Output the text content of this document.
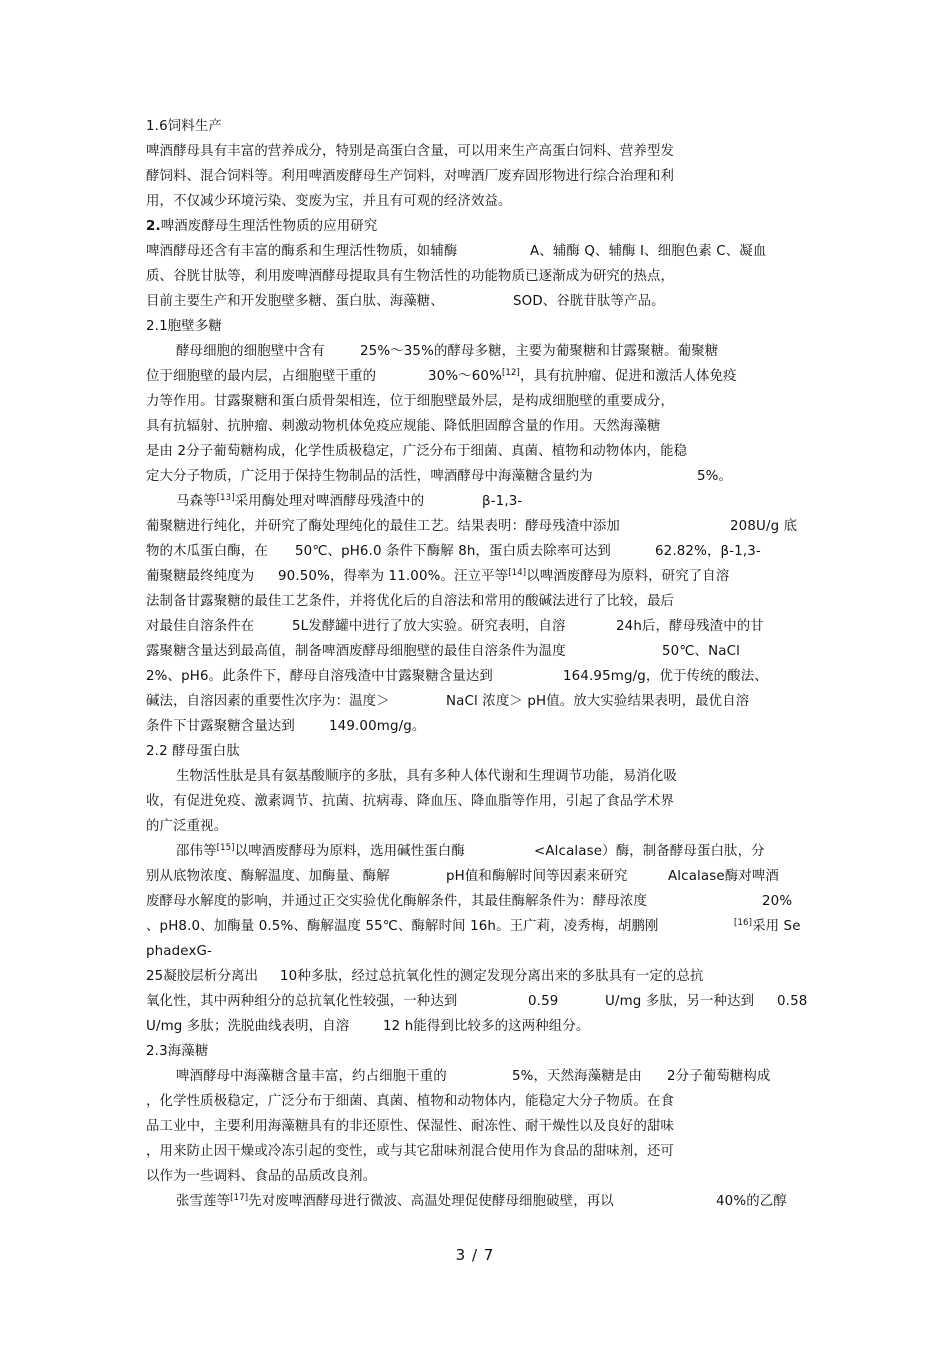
1.6饲料生产
啤酒酵母具有丰富的营养成分，特别是高蛋白含量，可以用来生产高蛋白饲料、营养型发
酵饲料、混合饲料等。利用啤酒废酵母生产饲料，对啤酒厂废弃固形物进行综合治理和利
用，不仅减少环境污染、变废为宝，并且有可观的经济效益。
2.啤酒废酵母生理活性物质的应用研究
啤酒酵母还含有丰富的酶系和生理活性物质，如辅酶	A、辅酶 Q、辅酶 I、细胞色素 C、凝血
质、谷胱甘肽等，利用废啤酒酵母提取具有生物活性的功能物质已逐渐成为研究的热点，
目前主要生产和开发胞壁多糖、蛋白肽、海藻糖、	SOD、谷胱苷肽等产品。
2.1胞壁多糖
酵母细胞的细胞壁中含有	25%～35%的酵母多糖，主要为葡聚糖和甘露聚糖。葡聚糖
位于细胞壁的最内层，占细胞壁干重的	30%～60%[12]，具有抗肿瘤、促进和激活人体免疫
力等作用。甘露聚糖和蛋白质骨架相连，位于细胞壁最外层，是构成细胞壁的重要成分，
具有抗辐射、抗肿瘤、刺激动物机体免疫应规能、降低胆固醇含量的作用。天然海藻糖
是由 2分子葡萄糖构成，化学性质极稳定，广泛分布于细菌、真菌、植物和动物体内，能稳
定大分子物质，广泛用于保持生物制品的活性，啤酒酵母中海藻糖含量约为	5%。
马森等[13]采用酶处理对啤酒酵母残渣中的	β-1,3-
葡聚糖进行纯化，并研究了酶处理纯化的最佳工艺。结果表明：酵母残渣中添加	208U/g 底
物的木瓜蛋白酶，在 50℃、pH6.0 条件下酶解 8h，蛋白质去除率可达到	62.82%，β-1,3-
葡聚糖最终纯度为 90.50%，得率为 11.00%。汪立平等[14]以啤酒废酵母为原料，研究了自溶
法制备甘露聚糖的最佳工艺条件，并将优化后的自溶法和常用的酸碱法进行了比较，最后
对最佳自溶条件在	5L发酵罐中进行了放大实验。研究表明，自溶	24h后，酵母残渣中的甘
露聚糖含量达到最高值，制备啤酒废酵母细胞壁的最佳自溶条件为温度	50℃、NaCl
2%、pH6。此条件下，酵母自溶残渣中甘露聚糖含量达到	164.95mg/g，优于传统的酸法、
碱法，自溶因素的重要性次序为：温度＞	NaCl 浓度＞ pH值。放大实验结果表明，最优自溶
条件下甘露聚糖含量达到	149.00mg/g。
2.2 酵母蛋白肽
生物活性肽是具有氨基酸顺序的多肽，具有多种人体代谢和生理调节功能，易消化吸
收，有促进免疫、激素调节、抗菌、抗病毒、降血压、降血脂等作用，引起了食品学术界
的广泛重视。
邵伟等[15]以啤酒废酵母为原料，选用碱性蛋白酶	<Alcalase）酶，制备酵母蛋白肽，分
别从底物浓度、酶解温度、加酶量、酶解	pH值和酶解时间等因素来研究	Alcalase酶对啤酒
废酵母水解度的影响，并通过正交实验优化酶解条件，其最佳酶解条件为：酵母浓度	20%
、pH8.0、加酶量 0.5%、酶解温度 55℃、酶解时间 16h。王广莉，凌秀梅，胡鹏刚	[16]采用 Se
phadexG-
25凝胶层析分离出 10种多肽，经过总抗氧化性的测定发现分离出来的多肽具有一定的总抗
氧化性，其中两种组分的总抗氧化性较强，一种达到	0.59	U/mg 多肽，另一种达到 0.58
U/mg 多肽；洗脱曲线表明，自溶	12 h能得到比较多的这两种组分。
2.3海藻糖
啤酒酵母中海藻糖含量丰富，约占细胞干重的	5%，天然海藻糖是由 2分子葡萄糖构成
，化学性质极稳定，广泛分布于细菌、真菌、植物和动物体内，能稳定大分子物质。在食
品工业中，主要利用海藻糖具有的非还原性、保湿性、耐冻性、耐干燥性以及良好的甜味
，用来防止因干燥或冷冻引起的变性，或与其它甜味剂混合使用作为食品的甜味剂，还可
以作为一些调料、食品的品质改良剂。
张雪莲等[17]先对废啤酒酵母进行微波、高温处理促使酵母细胞破壁，再以	40%的乙醇
3 / 7
